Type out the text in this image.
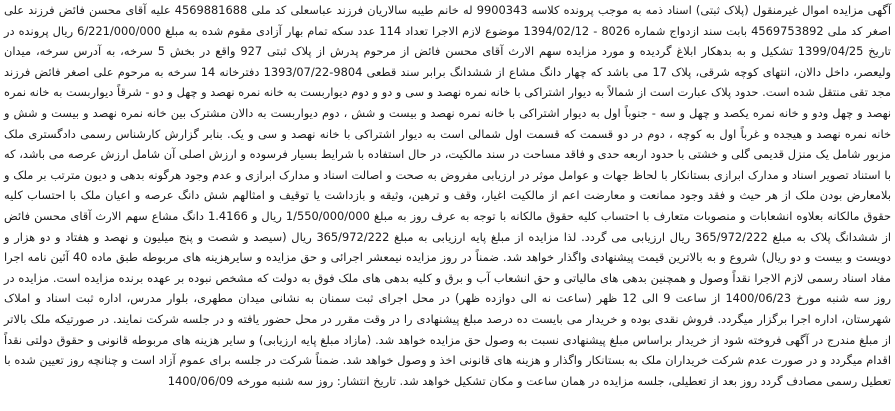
آگهی مزایده اموال غیرمنقول (پلاک ثبتی) اسناد ذمه به موجب پرونده کلاسه 9900343 له خانم طیبه سالاریان فرزند عباسعلی کد ملی 4569881688 علیه آقای محسن فائض فرزند علی اصغر کد ملی 4569753892 بابت سند ازدواج شماره 8026 - 1394/02/12 موضوع لازم الاجرا تعداد 114 عدد سکه تمام بهار آزادی مقوم شده به مبلغ 6/221/000/000 ریال پرونده در تاریخ 1399/04/25 تشکیل و به بدهکار ابلاغ گردیده و مورد مزایده سهم الارث آقای محسن فائض از مرحوم پدرش از پلاک ثبتی 927 واقع در بخش 5 سرخه، به آدرس سرخه، میدان ولیعصر، داخل دالان، انتهای کوچه شرقی، پلاک 17 می باشد که چهار دانگ مشاع از ششدانگ برابر سند قطعی 9804-1393/07/22 دفترخانه 14 سرخه به مرحوم علی اصغر فائض فرزند مجد تقی منتقل شده است. حدود پلاک عبارت است از شمالاً به دیوار اشتراکی با خانه نمره نهصد و سی و دو و دوم دیواربست به خانه نمره نهصد و چهل و دو - شرقاً دیواربست به خانه نمره نهصد و چهل ودو و خانه نمره یکصد و چهل و سه - جنوباً اول به دیوار اشتراکی با خانه نمره نهصد و بیست و شش ، دوم دیواربست به دالان مشترک بین خانه نمره نهصد و بیست و شش و خانه نمره نهصد و هیجده و غرباً اول به کوچه ، دوم در دو قسمت که قسمت اول شمالی است به دیوار اشتراکی با خانه نهصد و سی و یک. بنابر گزارش کارشناس رسمی دادگستری ملک مزبور شامل یک منزل قدیمی گلی و خشتی با حدود اربعه حدی و فاقد مساحت در سند مالکیت، در حال استفاده با شرایط بسیار فرسوده و ارزش اصلی آن شامل ارزش عرصه می باشد، که با استناد تصویر اسناد و مدارک ابرازی بستانکار با لحاظ جهات و عوامل موثر در ارزیابی مفروض به صحت و اصالت اسناد و مدارک ابرازی و عدم وجود هرگونه بدهی و دیون مترتب بر ملک و بلامعارض بودن ملک از هر حیث و فقد وجود ممانعت و معارضت اعم از مالکیت اغیار، وقف و ترهین، وثیقه و بازداشت یا توقیف و امثالهم شش دانگ عرصه و اعیان ملک با احتساب کلیه حقوق مالکانه بعلاوه انشعابات و منصوبات متعارف با احتساب کلیه حقوق مالکانه با توجه به عرف روز به مبلغ 1/550/000/000 ریال و 1.4166 دانگ مشاع سهم الارث آقای محسن فائض از ششدانگ پلاک به مبلغ 365/972/222 ریال ارزیابی می گردد. لذا مزایده از مبلغ پایه ارزیابی به مبلغ 365/972/222 ریال (سیصد و شصت و پنج میلیون و نهصد و هفتاد و دو هزار و دویست و بیست و دو ریال) شروع و به بالاترین قیمت پیشنهادی واگذار خواهد شد. ضمناً در روز مزایده نیمعشر اجرائی و حق مزایده و سایرهزینه های مربوطه طبق ماده 40 آئین نامه اجرا مفاد اسناد رسمی لازم الاجرا نقداً وصول و همچنین بدهی های مالیاتی و حق انشعاب آب و برق و کلیه بدهی های ملک فوق به دولت که مشخص نبوده بر عهده برنده مزایده است. مزایده در روز سه شنبه مورخ 1400/06/23 از ساعت 9 الی 12 ظهر (ساعت نه الی دوازده ظهر) در محل اجرای ثبت سمنان به نشانی میدان مطهری، بلوار مدرس، اداره ثبت اسناد و املاک شهرستان، اداره اجرا برگزار میگردد. فروش نقدی بوده و خریدار می بایست ده درصد مبلغ پیشنهادی را در وقت مقرر در محل حضور یافته و در جلسه شرکت نمایند. در صورتیکه ملک بالاتر از مبلغ مندرج در آگهی فروخته شود از خریدار براساس مبلغ پیشنهادی نسبت به وصول حق مزایده خواهد شد. (مازاد مبلغ پایه ارزیابی) و سایر هزینه های مربوطه قانونی و حقوق دولتی نقداً اقدام میگردد و در صورت عدم شرکت خریداران ملک به بستانکار واگذار و هزینه های قانونی اخذ و وصول خواهد شد. ضمناً شرکت در جلسه برای عموم آزاد است و چنانچه روز تعیین شده با تعطیل رسمی مصادف گردد روز بعد از تعطیلی، جلسه مزایده در همان ساعت و مکان تشکیل خواهد شد. تاریخ انتشار: روز سه شنبه مورخه 1400/06/09
